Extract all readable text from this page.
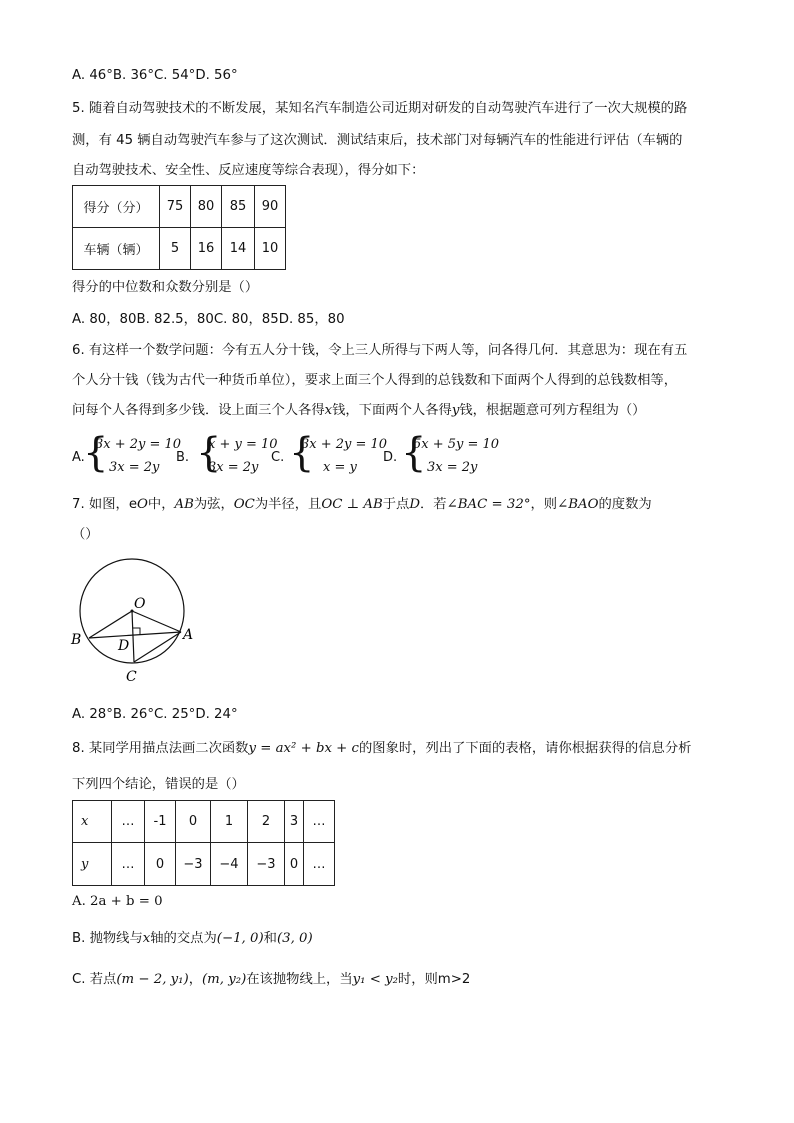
A. 46°B. 36°C. 54°D. 56°
5. 随着自动驾驶技术的不断发展，某知名汽车制造公司近期对研发的自动驾驶汽车进行了一次大规模的路
测，有 45 辆自动驾驶汽车参与了这次测试．测试结束后，技术部门对每辆汽车的性能进行评估（车辆的
自动驾驶技术、安全性、反应速度等综合表现），得分如下：
得分（分）	75	80	85	90
车辆（辆）	5	16	14	10
得分的中位数和众数分别是（）
A. 80，80B. 82.5，80C. 80，85D. 85，80
6. 有这样一个数学问题：今有五人分十钱，令上三人所得与下两人等，问各得几何．其意思为：现在有五
个人分十钱（钱为古代一种货币单位），要求上面三个人得到的总钱数和下面两个人得到的总钱数相等，
问每个人各得到多少钱．设上面三个人各得x钱，下面两个人各得y钱，根据题意可列方程组为（）
A.
{
3x + 2y = 10
3x = 2y
B. {
x + y = 10
3x = 2y
C. {
3x + 2y = 10
x = y
D. {
5x + 5y = 10
3x = 2y
7. 如图，eO中，AB为弦，OC为半径，且OC ⊥ AB于点D．若∠BAC = 32°，则∠BAO的度数为
（）
O
B	D
A
C
A. 28°B. 26°C. 25°D. 24°
8. 某同学用描点法画二次函数y = ax² + bx + c的图象时，列出了下面的表格，请你根据获得的信息分析
下列四个结论，错误的是（）
x	…	-1	0	1	2	3	…
y	…	0	−3	−4	−3	0	…
A. 2a + b = 0
B. 抛物线与x轴的交点为(−1, 0)和(3, 0)
C. 若点(m − 2, y₁)，(m, y₂)在该抛物线上，当y₁ < y₂时，则m>2
